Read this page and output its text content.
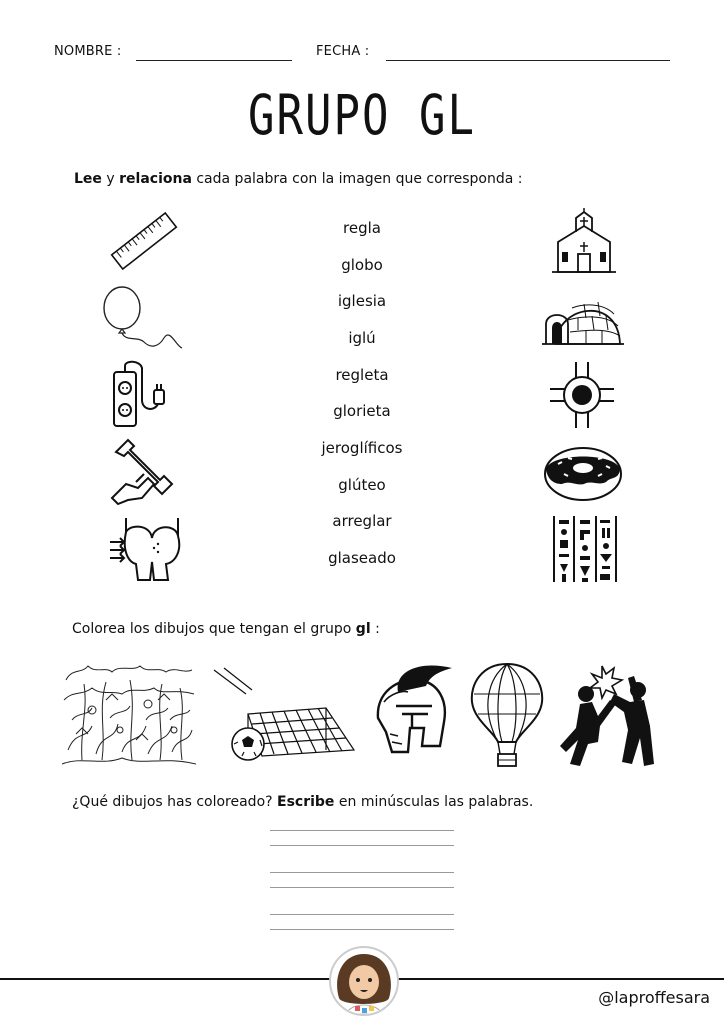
NOMBRE :	FECHA :
GRUPO GL
Lee y relaciona cada palabra con la imagen que corresponda :
regla
globo
iglesia
iglú
regleta
glorieta
jeroglíficos
glúteo
arreglar
glaseado
Colorea los dibujos que tengan el grupo gl :
¿Qué dibujos has coloreado? Escribe en minúsculas las palabras.
@laproffesara
